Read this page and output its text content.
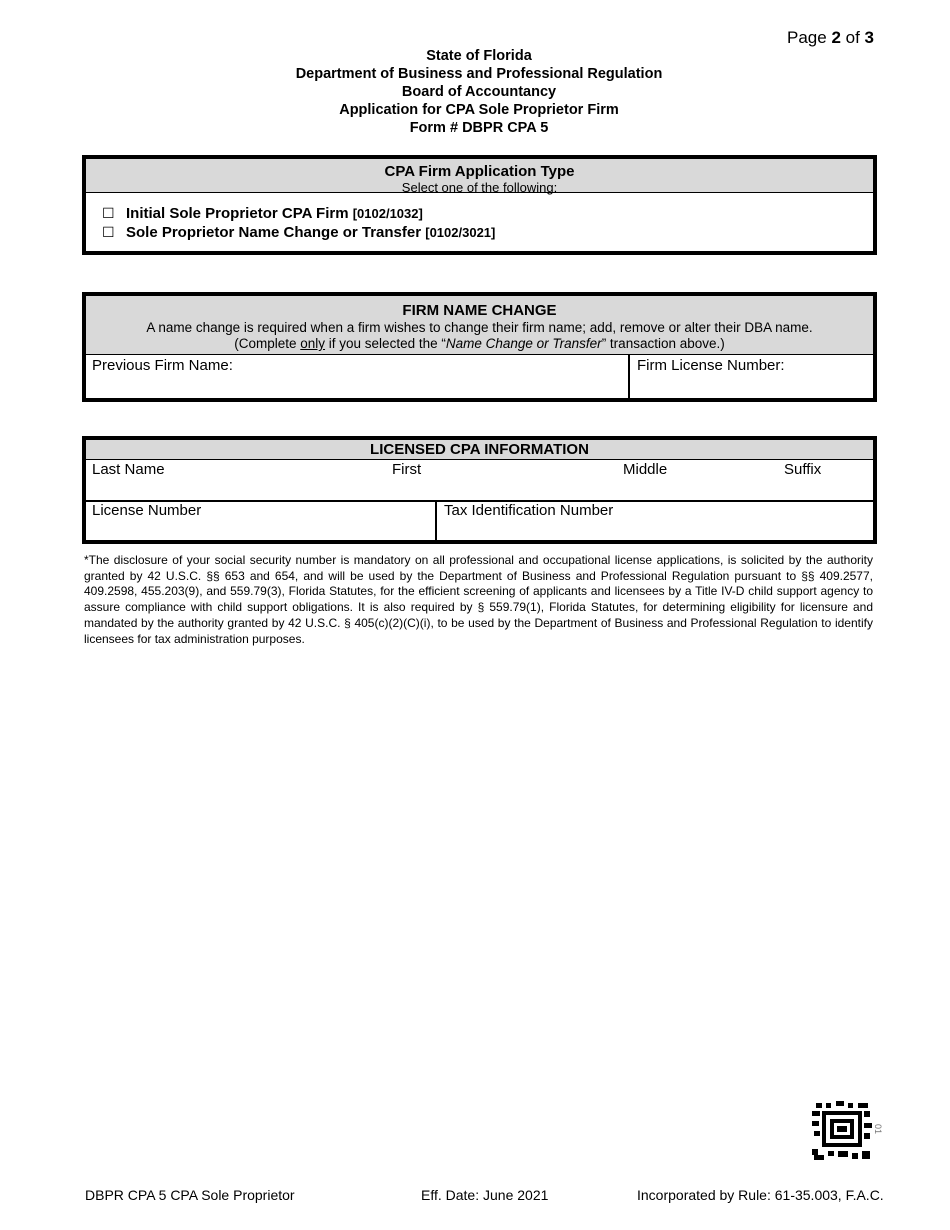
Page 2 of 3
State of Florida
Department of Business and Professional Regulation
Board of Accountancy
Application for CPA Sole Proprietor Firm
Form # DBPR CPA 5
CPA Firm Application Type
Select one of the following:
☐ Initial Sole Proprietor CPA Firm [0102/1032]
☐ Sole Proprietor Name Change or Transfer [0102/3021]
FIRM NAME CHANGE
A name change is required when a firm wishes to change their firm name; add, remove or alter their DBA name.
(Complete only if you selected the “Name Change or Transfer” transaction above.)
Previous Firm Name:	Firm License Number:
LICENSED CPA INFORMATION
Last Name	First	Middle	Suffix
License Number	Tax Identification Number
*The disclosure of your social security number is mandatory on all professional and occupational license applications, is solicited by the authority granted by 42 U.S.C. §§ 653 and 654, and will be used by the Department of Business and Professional Regulation pursuant to §§ 409.2577, 409.2598, 455.203(9), and 559.79(3), Florida Statutes, for the efficient screening of applicants and licensees by a Title IV-D child support agency to assure compliance with child support obligations. It is also required by § 559.79(1), Florida Statutes, for determining eligibility for licensure and mandated by the authority granted by 42 U.S.C. § 405(c)(2)(C)(i), to be used by the Department of Business and Professional Regulation to identify licensees for tax administration purposes.
01
DBPR CPA 5 CPA Sole Proprietor	Eff. Date: June 2021	Incorporated by Rule: 61-35.003, F.A.C.
